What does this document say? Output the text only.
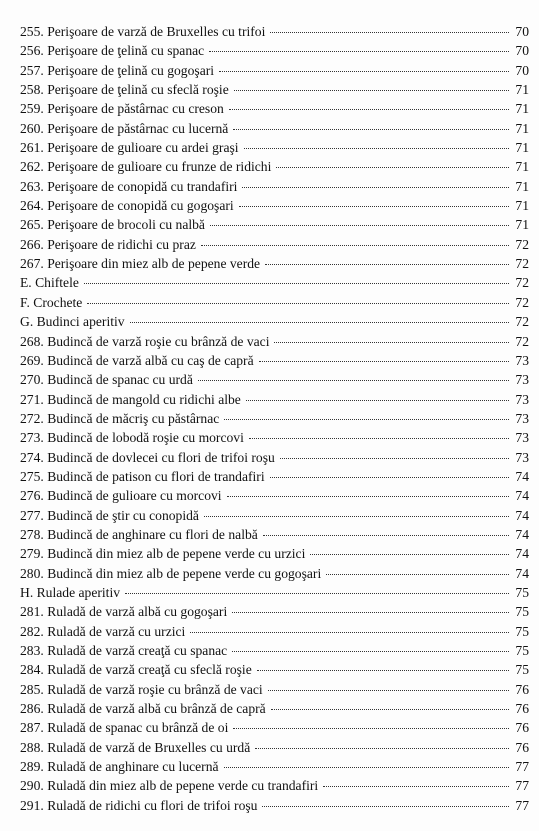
255. Perişoare de varză de Bruxelles cu trifoi	70
256. Perişoare de ţelină cu spanac	70
257. Perişoare de ţelină cu gogoşari	70
258. Perişoare de ţelină cu sfeclă roşie	71
259. Perişoare de păstârnac cu creson	71
260. Perişoare de păstârnac cu lucernă	71
261. Perişoare de gulioare cu ardei graşi	71
262. Perişoare de gulioare cu frunze de ridichi	71
263. Perişoare de conopidă cu trandafiri	71
264. Perişoare de conopidă cu gogoşari	71
265. Perişoare de brocoli cu nalbă	71
266. Perişoare de ridichi cu praz	72
267. Perişoare din miez alb de pepene verde	72
E. Chiftele	72
F. Crochete	72
G. Budinci aperitiv	72
268. Budincă de varză roşie cu brânză de vaci	72
269. Budincă de varză albă cu caş de capră	73
270. Budincă de spanac cu urdă	73
271. Budincă de mangold cu ridichi albe	73
272. Budincă de măcriş cu păstârnac	73
273. Budincă de lobodă roşie cu morcovi	73
274. Budincă de dovlecei cu flori de trifoi roşu	73
275. Budincă de patison cu flori de trandafiri	74
276. Budincă de gulioare cu morcovi	74
277. Budincă de ştir cu conopidă	74
278. Budincă de anghinare cu flori de nalbă	74
279. Budincă din miez alb de pepene verde cu urzici	74
280. Budincă din miez alb de pepene verde cu gogoşari	74
H. Rulade aperitiv	75
281. Ruladă de varză albă cu gogoşari	75
282. Ruladă de varză cu urzici	75
283. Ruladă de varză creaţă cu spanac	75
284. Ruladă de varză creaţă cu sfeclă roşie	75
285. Ruladă de varză roşie cu brânză de vaci	76
286. Ruladă de varză albă cu brânză de capră	76
287. Ruladă de spanac cu brânză de oi	76
288. Ruladă de varză de Bruxelles cu urdă	76
289. Ruladă de anghinare cu lucernă	77
290. Ruladă din miez alb de pepene verde cu trandafiri	77
291. Ruladă de ridichi cu flori de trifoi roşu	77
